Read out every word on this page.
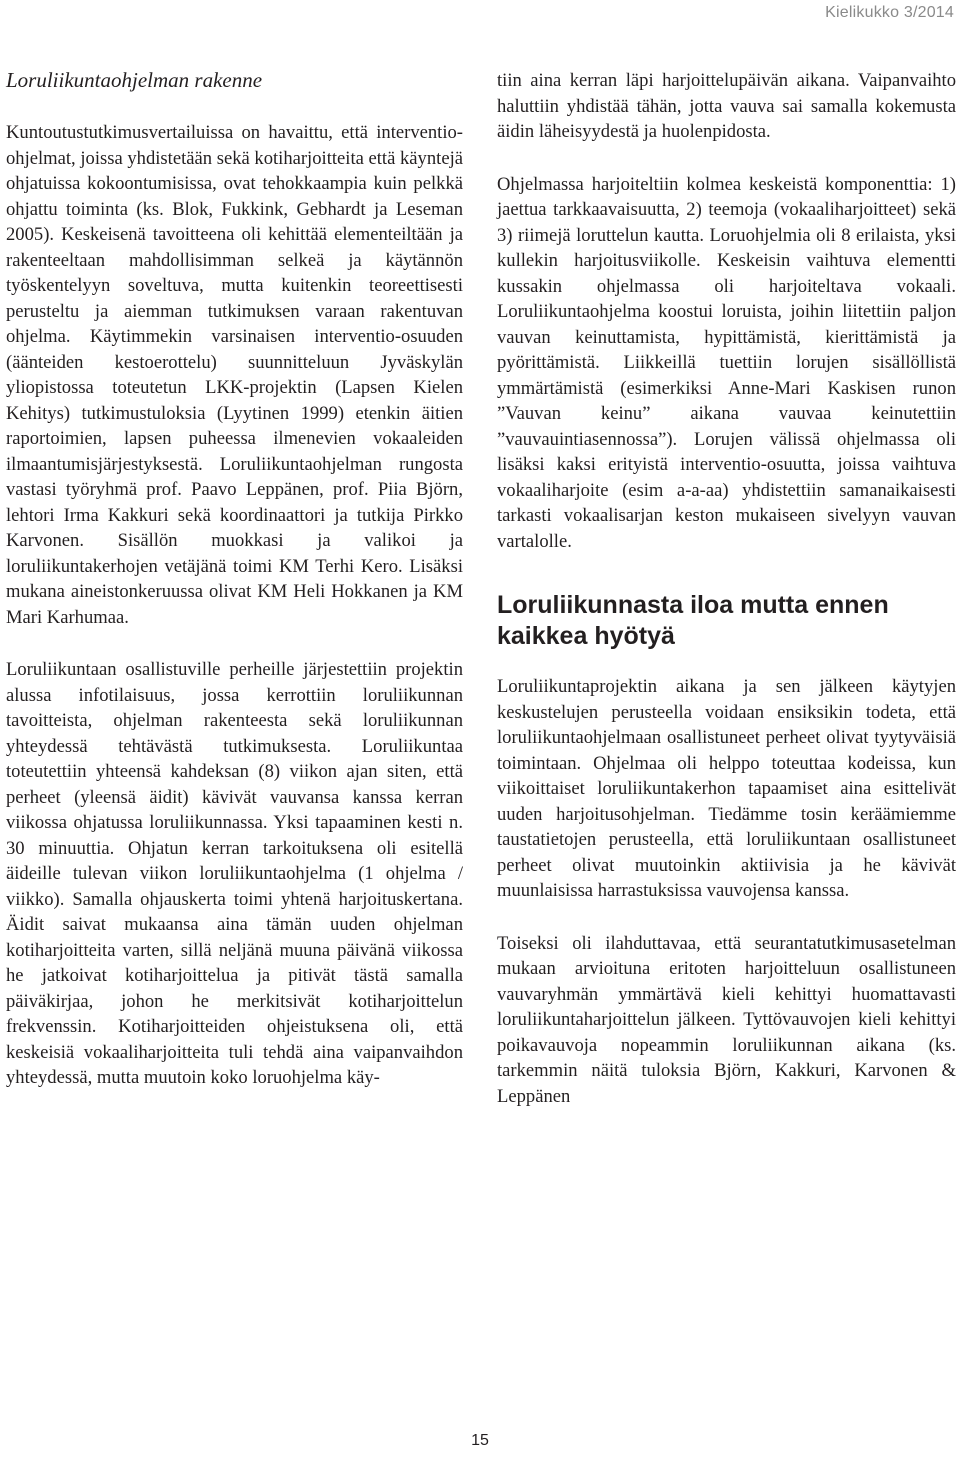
Kielikukko 3/2014
Loruliikuntaohjelman rakenne

Kuntoutustutkimusvertailuissa on havaittu, että interventio-ohjelmat, joissa yhdistetään sekä kotiharjoitteita että käyntejä ohjatuissa kokoontumisissa, ovat tehokkaampia kuin pelkkä ohjattu toiminta (ks. Blok, Fukkink, Gebhardt ja Leseman 2005). Keskeisenä tavoitteena oli kehittää elementeiltään ja rakenteeltaan mahdollisimman selkeä ja käytännön työskentelyyn soveltuva, mutta kuitenkin teoreettisesti perusteltu ja aiemman tutkimuksen varaan rakentuvan ohjelma. Käytimmekin varsinaisen interventio-osuuden (äänteiden kestoerottelu) suunnitteluun Jyväskylän yliopistossa toteutetun LKK-projektin (Lapsen Kielen Kehitys) tutkimustuloksia (Lyytinen 1999) etenkin äitien raportoimien, lapsen puheessa ilmenevien vokaaleiden ilmaantumisjärjestyksestä. Loruliikuntaohjelman rungosta vastasi työryhmä prof. Paavo Leppänen, prof. Piia Björn, lehtori Irma Kakkuri sekä koordinaattori ja tutkija Pirkko Karvonen. Sisällön muokkasi ja valikoi ja loruliikuntakerhojen vetäjänä toimi KM Terhi Kero. Lisäksi mukana aineistonkeruussa olivat KM Heli Hokkanen ja KM Mari Karhumaa.

Loruliikuntaan osallistuville perheille järjestettiin projektin alussa infotilaisuus, jossa kerrottiin loruliikunnan tavoitteista, ohjelman rakenteesta sekä loruliikunnan yhteydessä tehtävästä tutkimuksesta. Loruliikuntaa toteutettiin yhteensä kahdeksan (8) viikon ajan siten, että perheet (yleensä äidit) kävivät vauvansa kanssa kerran viikossa ohjatussa loruliikunnassa. Yksi tapaaminen kesti n. 30 minuuttia. Ohjatun kerran tarkoituksena oli esitellä äideille tulevan viikon loruliikuntaohjelma (1 ohjelma / viikko). Samalla ohjauskerta toimi yhtenä harjoituskertana. Äidit saivat mukaansa aina tämän uuden ohjelman kotiharjoitteita varten, sillä neljänä muuna päivänä viikossa he jatkoivat kotiharjoittelua ja pitivät tästä samalla päiväkirjaa, johon he merkitsivät kotiharjoittelun frekvenssin. Kotiharjoitteiden ohjeistuksena oli, että keskeisiä vokaaliharjoitteita tuli tehdä aina vaipanvaihdon yhteydessä, mutta muutoin koko loruohjelma käy-

tiin aina kerran läpi harjoittelupäivän aikana. Vaipanvaihto haluttiin yhdistää tähän, jotta vauva sai samalla kokemusta äidin läheisyydestä ja huolenpidosta.

Ohjelmassa harjoiteltiin kolmea keskeistä komponenttia: 1) jaettua tarkkaavaisuutta, 2) teemoja (vokaaliharjoitteet) sekä 3) riimejä loruttelun kautta. Loruohjelmia oli 8 erilaista, yksi kullekin harjoitusviikolle. Keskeisin vaihtuva elementti kussakin ohjelmassa oli harjoiteltava vokaali. Loruliikuntaohjelma koostui loruista, joihin liitettiin paljon vauvan keinuttamista, hypittämistä, kierittämistä ja pyörittämistä. Liikkeillä tuettiin lorujen sisällöllistä ymmärtämistä (esimerkiksi Anne-Mari Kaskisen runon ”Vauvan keinu” aikana vauvaa keinutettiin ”vauvauintiasennossa”). Lorujen välissä ohjelmassa oli lisäksi kaksi erityistä interventio-osuutta, joissa vaihtuva vokaaliharjoite (esim a-a-aa) yhdistettiin samanaikaisesti tarkasti vokaalisarjan keston mukaiseen sivelyyn vauvan vartalolle.

Loruliikunnasta iloa mutta ennen kaikkea hyötyä

Loruliikuntaprojektin aikana ja sen jälkeen käytyjen keskustelujen perusteella voidaan ensiksikin todeta, että loruliikuntaohjelmaan osallistuneet perheet olivat tyytyväisiä toimintaan. Ohjelmaa oli helppo toteuttaa kodeissa, kun viikoittaiset loruliikuntakerhon tapaamiset aina esittelivät uuden harjoitusohjelman. Tiedämme tosin keräämiemme taustatietojen perusteella, että loruliikuntaan osallistuneet perheet olivat muutoinkin aktiivisia ja he kävivät muunlaisissa harrastuksissa vauvojensa kanssa.

Toiseksi oli ilahduttavaa, että seurantatutkimusasetelman mukaan arvioituna eritoten harjoitteluun osallistuneen vauvaryhmän ymmärtävä kieli kehittyi huomattavasti loruliikuntaharjoittelun jälkeen. Tyttövauvojen kieli kehittyi poikavauvoja nopeammin loruliikunnan aikana (ks. tarkemmin näitä tuloksia Björn, Kakkuri, Karvonen & Leppänen

15
